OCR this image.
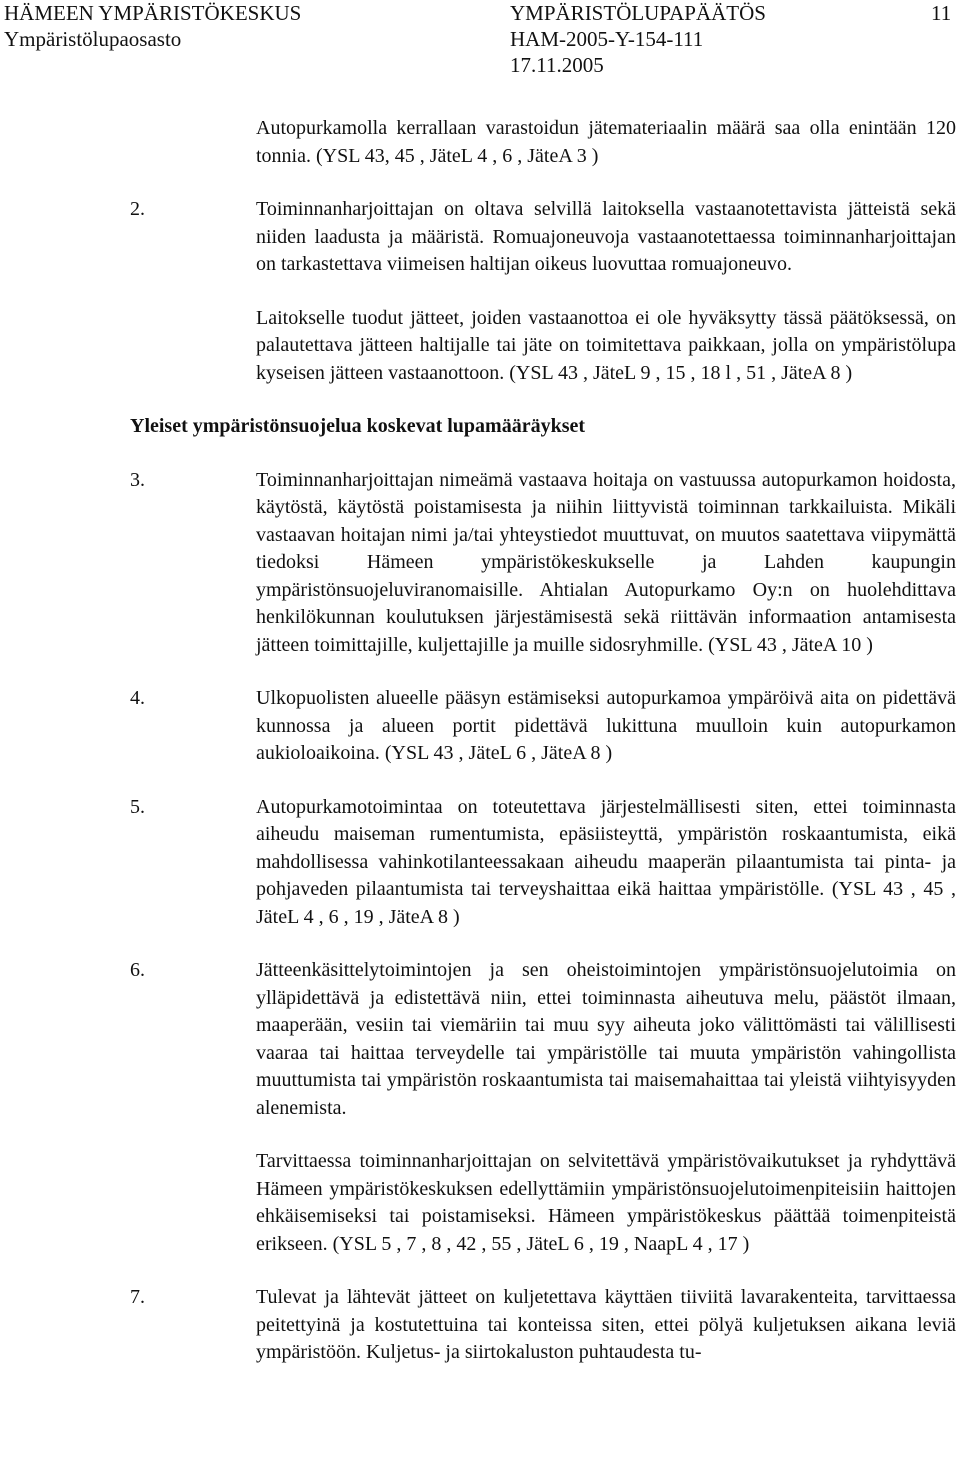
HÄMEEN YMPÄRISTÖKESKUS
Ympäristölupaosasto
YMPÄRISTÖLUPAPÄÄTÖS
HAM-2005-Y-154-111
17.11.2005
11

Autopurkamolla kerrallaan varastoidun jätemateriaalin määrä saa olla enintään 120 tonnia. (YSL 43, 45 , JäteL 4 , 6 , JäteA 3 )

2.	Toiminnanharjoittajan on oltava selvillä laitoksella vastaanotettavista jätteistä sekä niiden laadusta ja määristä. Romuajoneuvoja vastaanotettaessa toiminnanharjoittajan on tarkastettava viimeisen haltijan oikeus luovuttaa romuajoneuvo.

Laitokselle tuodut jätteet, joiden vastaanottoa ei ole hyväksytty tässä päätöksessä, on palautettava jätteen haltijalle tai jäte on toimitettava paikkaan, jolla on ympäristölupa kyseisen jätteen vastaanottoon. (YSL 43 , JäteL 9 , 15 , 18 l , 51 , JäteA 8 )

Yleiset ympäristönsuojelua koskevat lupamääräykset
3.	Toiminnanharjoittajan nimeämä vastaava hoitaja on vastuussa autopurkamon hoidosta, käytöstä, käytöstä poistamisesta ja niihin liittyvistä toiminnan tarkkailuista. Mikäli vastaavan hoitajan nimi ja/tai yhteystiedot muuttuvat, on muutos saatettava viipymättä tiedoksi Hämeen ympäristökeskukselle ja Lahden kaupungin ympäristönsuojeluviranomaisille. Ahtialan Autopurkamo Oy:n on huolehdittava henkilökunnan koulutuksen järjestämisestä sekä riittävän informaation antamisesta jätteen toimittajille, kuljettajille ja muille sidosryhmille. (YSL 43 , JäteA 10 )

4.	Ulkopuolisten alueelle pääsyn estämiseksi autopurkamoa ympäröivä aita on pidettävä kunnossa ja alueen portit pidettävä lukittuna muulloin kuin autopurkamon aukioloaikoina. (YSL 43 , JäteL 6 , JäteA 8 )

5.	Autopurkamotoimintaa on toteutettava järjestelmällisesti siten, ettei toiminnasta aiheudu maiseman rumentumista, epäsiisteyttä, ympäristön roskaantumista, eikä mahdollisessa vahinkotilanteessakaan aiheudu maaperän pilaantumista tai pinta- ja pohjaveden pilaantumista tai terveyshaittaa eikä haittaa ympäristölle. (YSL 43 , 45 , JäteL 4 , 6 , 19 , JäteA 8 )

6.	Jätteenkäsittelytoimintojen ja sen oheistoimintojen ympäristönsuojelutoimia on ylläpidettävä ja edistettävä niin, ettei toiminnasta aiheutuva melu, päästöt ilmaan, maaperään, vesiin tai viemäriin tai muu syy aiheuta joko välittömästi tai välillisesti vaaraa tai haittaa terveydelle tai ympäristölle tai muuta ympäristön vahingollista muuttumista tai ympäristön roskaantumista tai maisemahaittaa tai yleistä viihtyisyyden alenemista.

Tarvittaessa toiminnanharjoittajan on selvitettävä ympäristövaikutukset ja ryhdyttävä Hämeen ympäristökeskuksen edellyttämiin ympäristönsuojelutoimenpiteisiin haittojen ehkäisemiseksi tai poistamiseksi. Hämeen ympäristökeskus päättää toimenpiteistä erikseen. (YSL 5 , 7 , 8 , 42 , 55 , JäteL 6 , 19 , NaapL 4 , 17 )

7.	Tulevat ja lähtevät jätteet on kuljetettava käyttäen tiiviitä lavarakenteita, tarvittaessa peitettyinä ja kostutettuina tai konteissa siten, ettei pölyä kuljetuksen aikana leviä ympäristöön. Kuljetus- ja siirtokaluston puhtaudesta tu-
